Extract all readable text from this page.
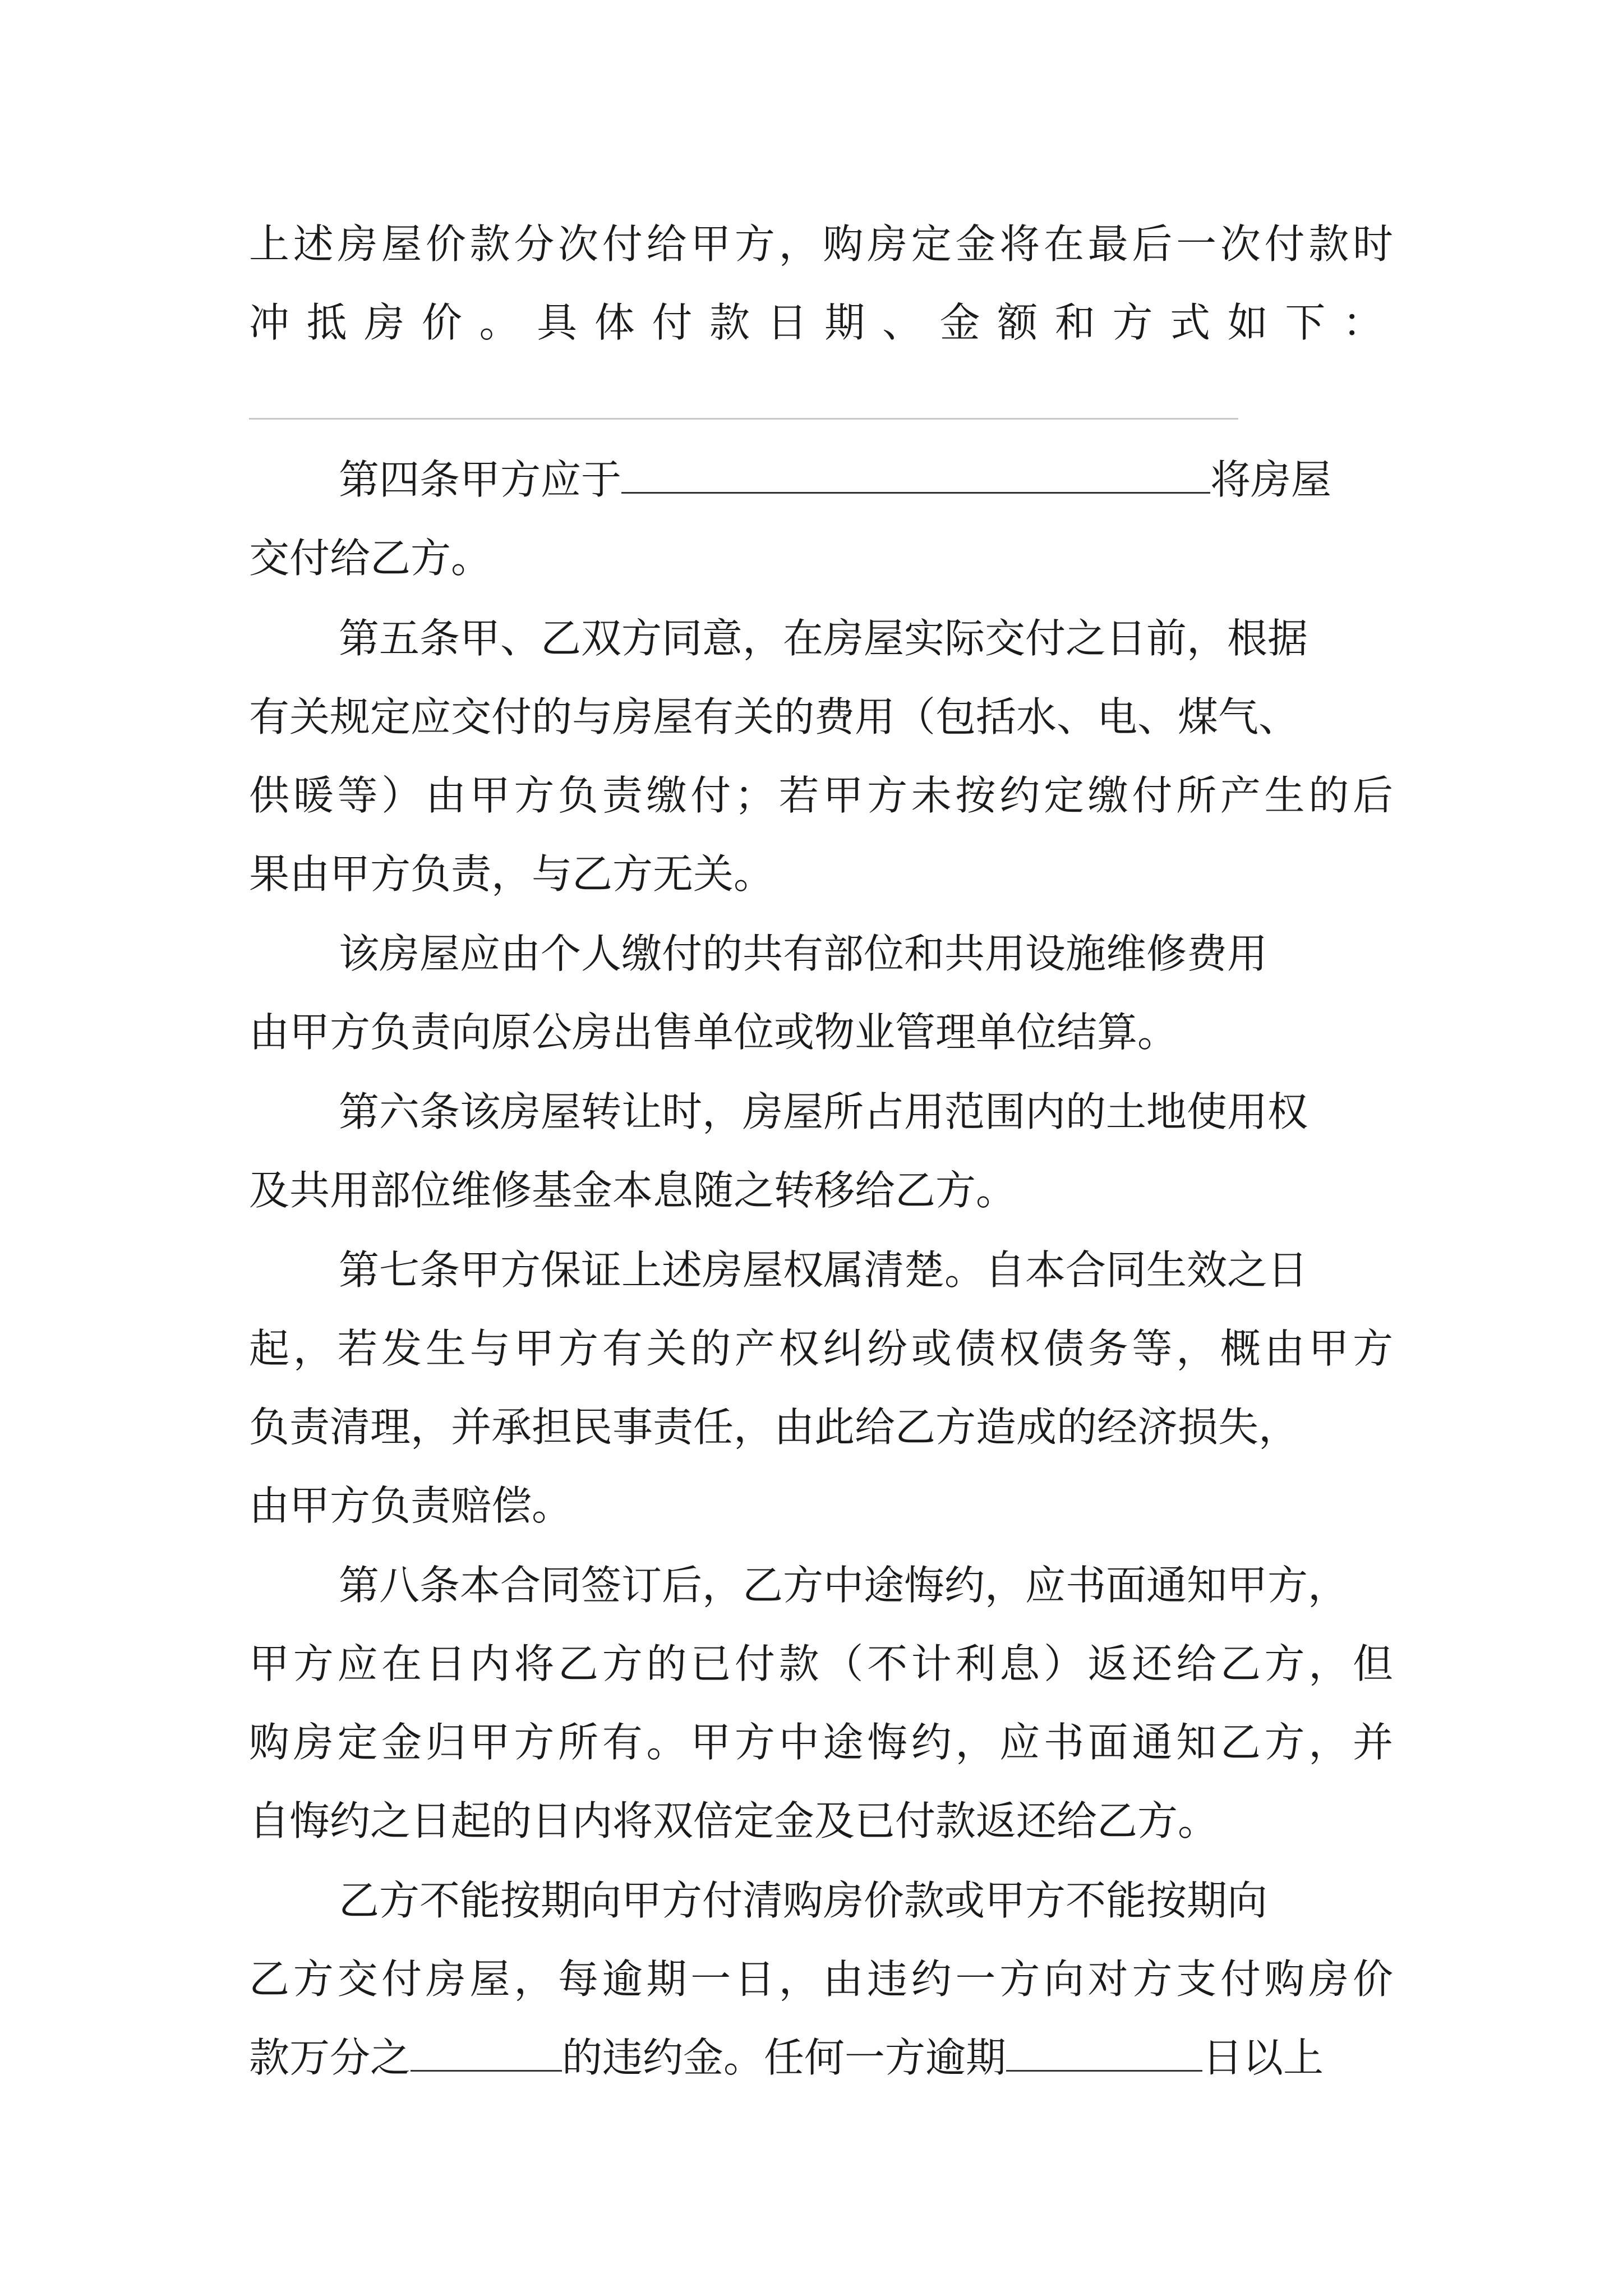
上述房屋价款分次付给甲方，购房定金将在最后一次付款时
冲抵房价。具体付款日期、金额和方式如下：
第四条甲方应于	将房屋
交付给乙方。
第五条甲、乙双方同意，在房屋实际交付之日前，根据
有关规定应交付的与房屋有关的费用（包括水、电、煤气、
供暖等）由甲方负责缴付；若甲方未按约定缴付所产生的后
果由甲方负责，与乙方无关。
该房屋应由个人缴付的共有部位和共用设施维修费用
由甲方负责向原公房出售单位或物业管理单位结算。
第六条该房屋转让时，房屋所占用范围内的土地使用权
及共用部位维修基金本息随之转移给乙方。
第七条甲方保证上述房屋权属清楚。自本合同生效之日
起，若发生与甲方有关的产权纠纷或债权债务等，概由甲方
负责清理，并承担民事责任，由此给乙方造成的经济损失，
由甲方负责赔偿。
第八条本合同签订后，乙方中途悔约，应书面通知甲方，
甲方应在日内将乙方的已付款（不计利息）返还给乙方，但
购房定金归甲方所有。甲方中途悔约，应书面通知乙方，并
自悔约之日起的日内将双倍定金及已付款返还给乙方。
乙方不能按期向甲方付清购房价款或甲方不能按期向
乙方交付房屋，每逾期一日，由违约一方向对方支付购房价
款万分之	的违约金。任何一方逾期	日以上
